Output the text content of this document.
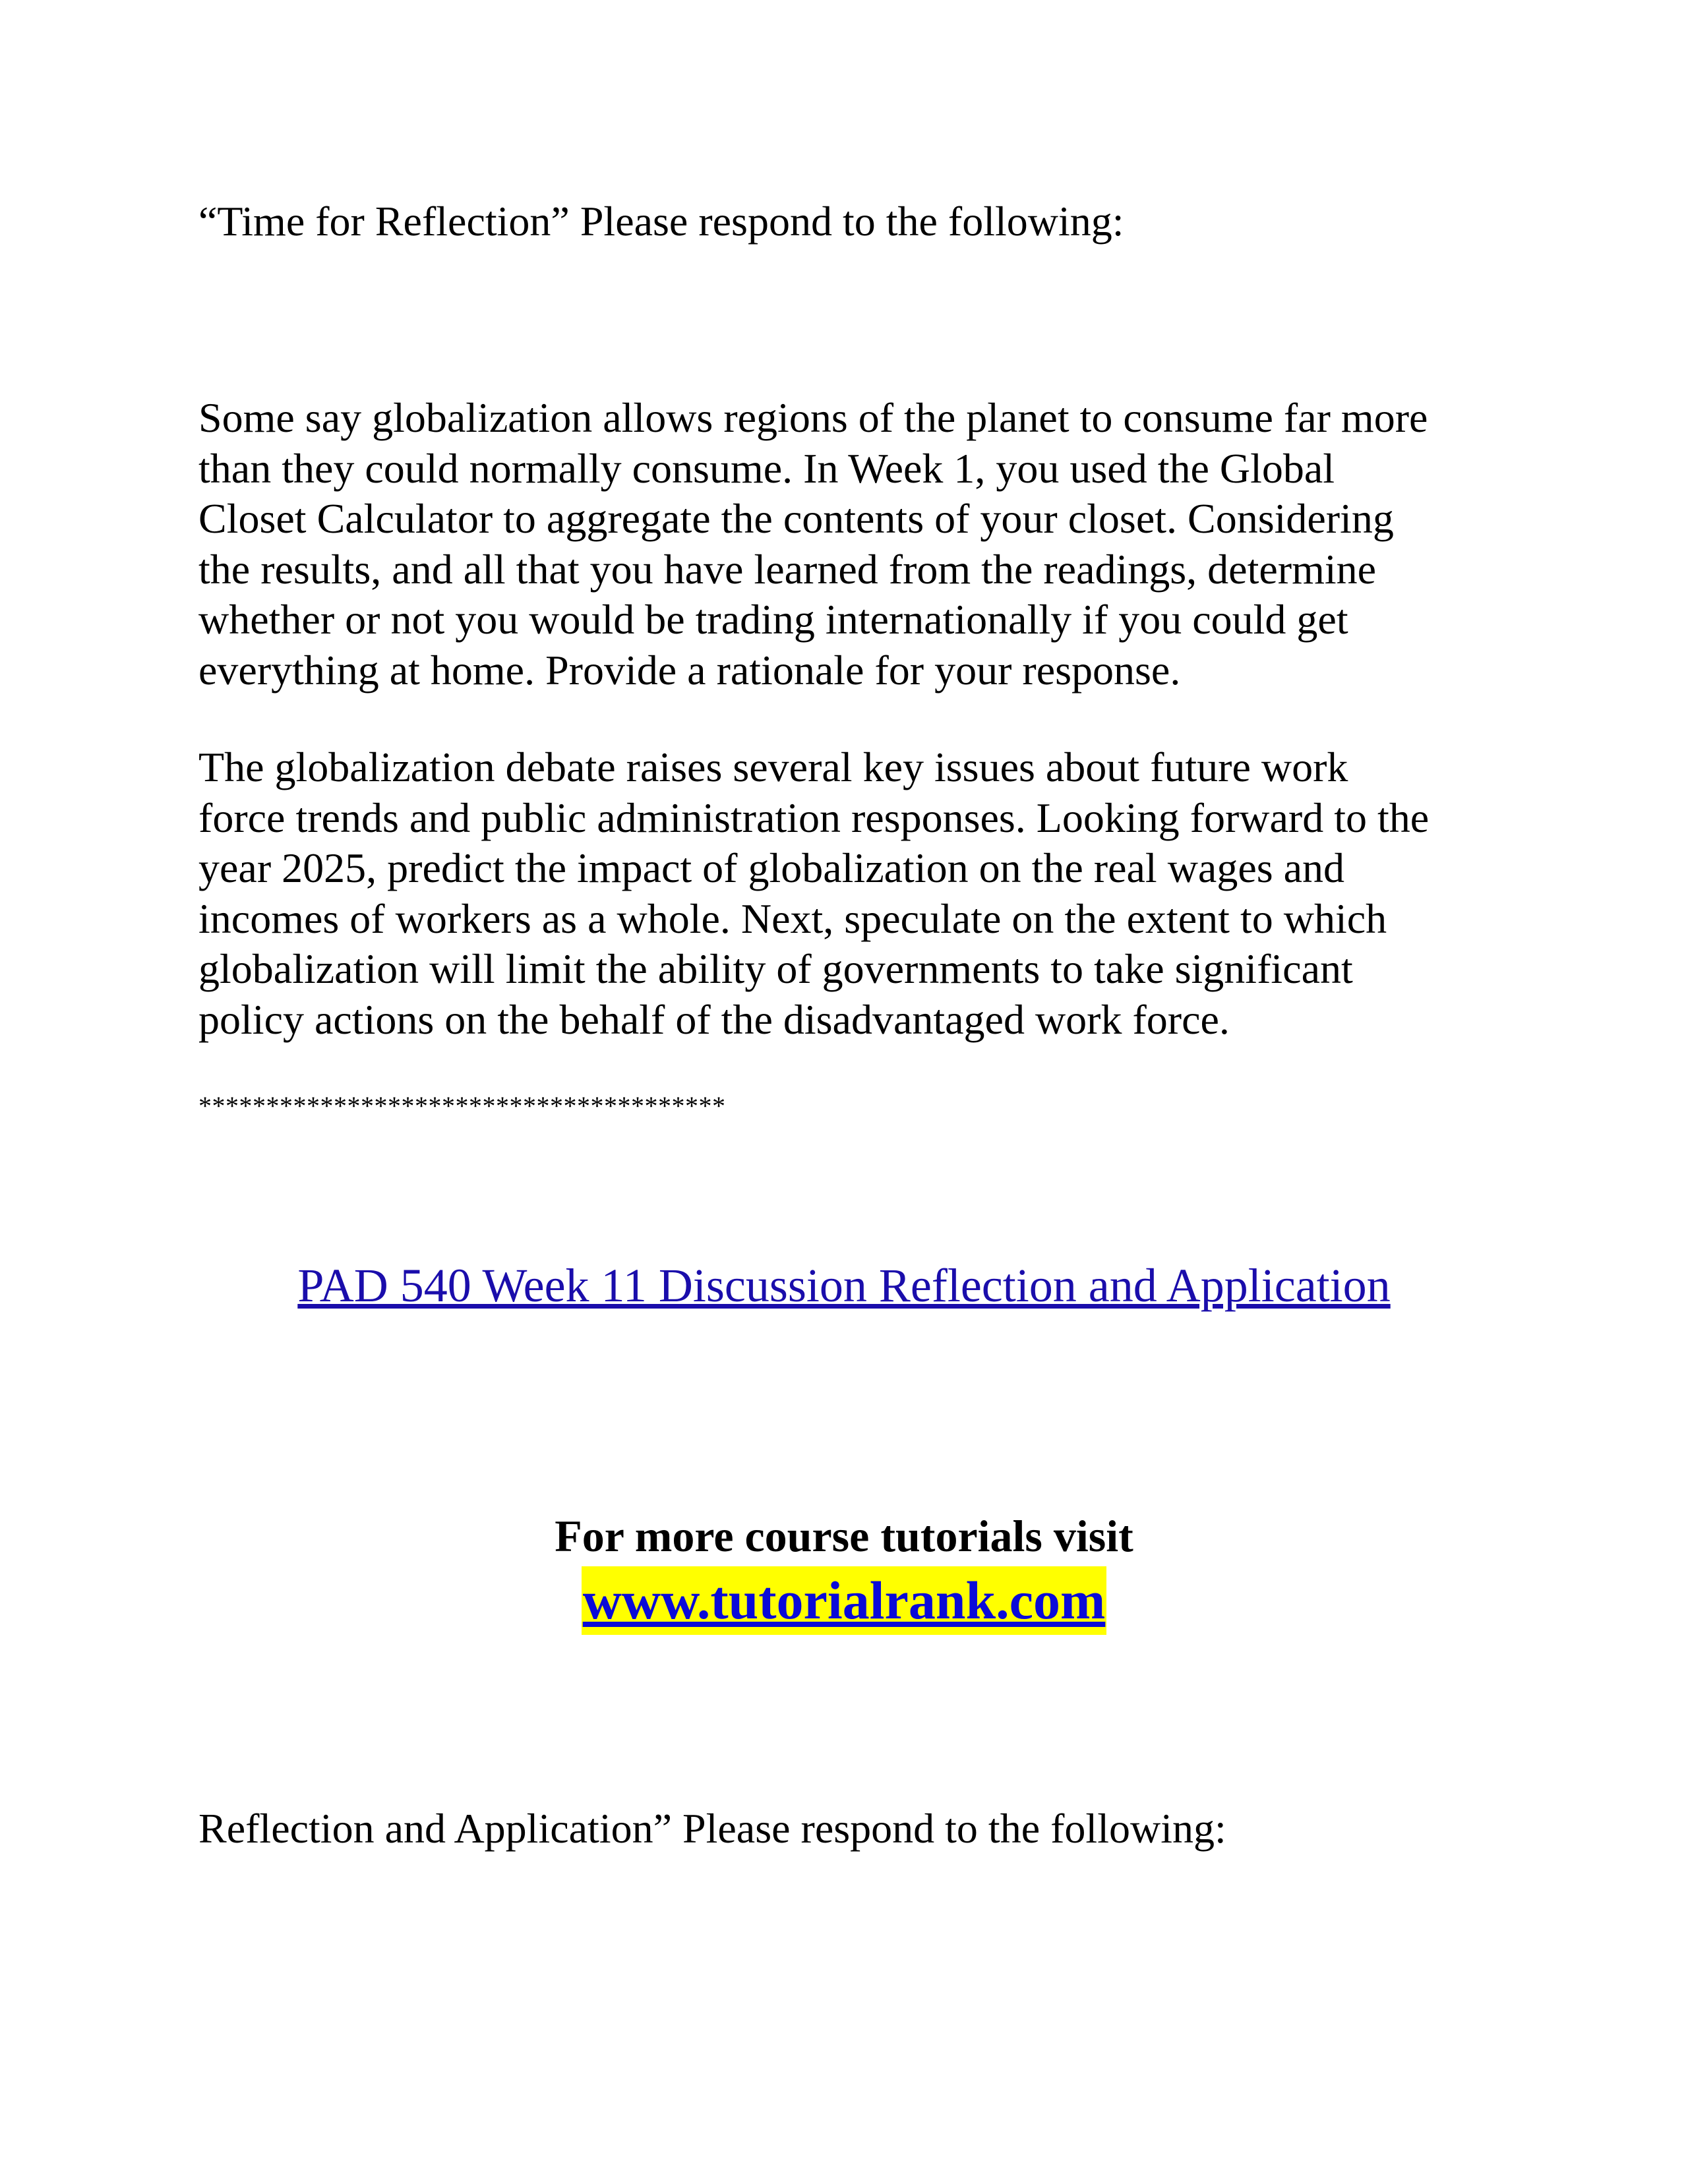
“Time for Reflection” Please respond to the following:

Some say globalization allows regions of the planet to consume far more
than they could normally consume. In Week 1, you used the Global
Closet Calculator to aggregate the contents of your closet. Considering
the results, and all that you have learned from the readings, determine
whether or not you would be trading internationally if you could get
everything at home. Provide a rationale for your response.

The globalization debate raises several key issues about future work
force trends and public administration responses. Looking forward to the
year 2025, predict the impact of globalization on the real wages and
incomes of workers as a whole. Next, speculate on the extent to which
globalization will limit the ability of governments to take significant
policy actions on the behalf of the disadvantaged work force.

***************************************

PAD 540 Week 11 Discussion Reflection and Application

For more course tutorials visit

www.tutorialrank.com

Reflection and Application” Please respond to the following:
